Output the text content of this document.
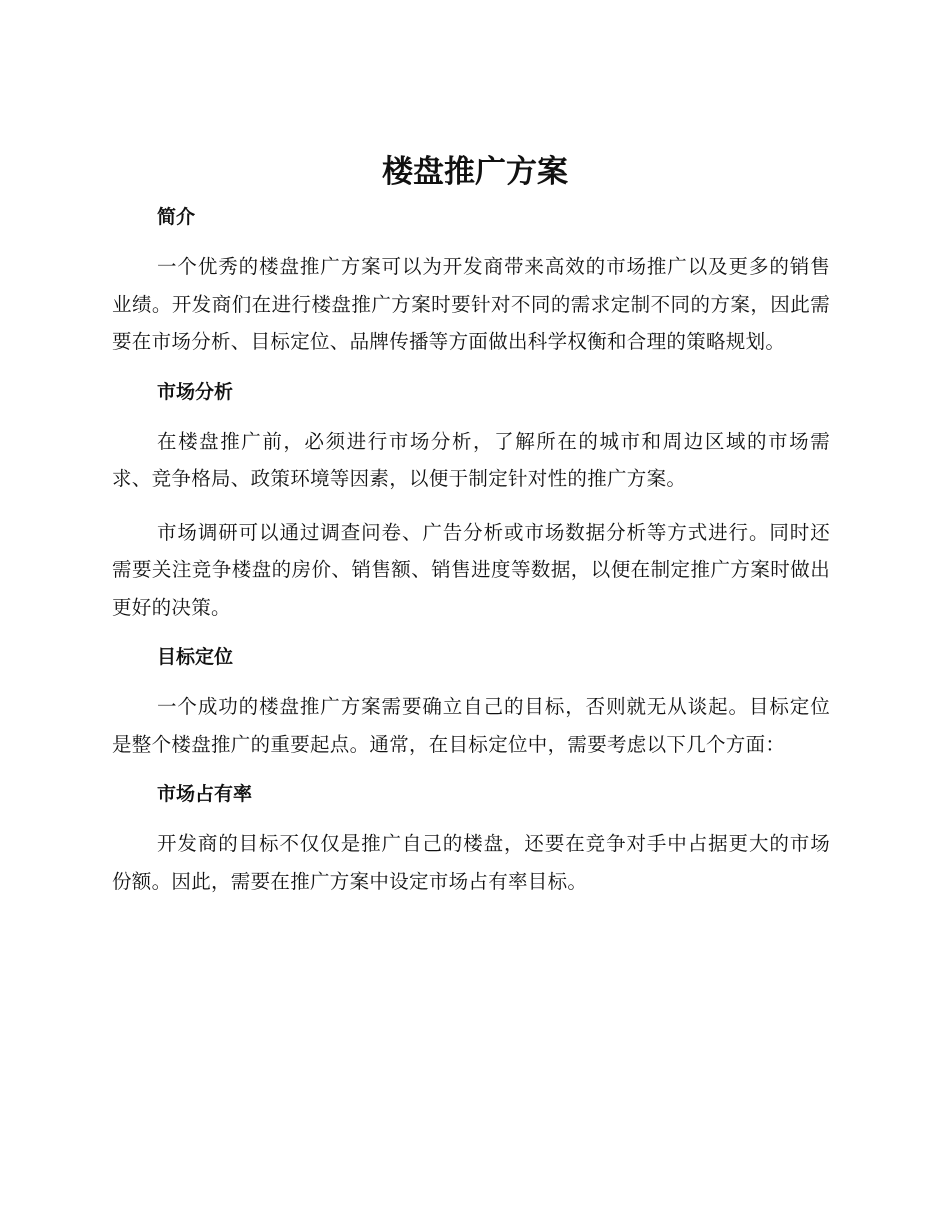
楼盘推广方案
简介

一个优秀的楼盘推广方案可以为开发商带来高效的市场推广以及更多的销售业绩。开发商们在进行楼盘推广方案时要针对不同的需求定制不同的方案，因此需要在市场分析、目标定位、品牌传播等方面做出科学权衡和合理的策略规划。

市场分析

在楼盘推广前，必须进行市场分析，了解所在的城市和周边区域的市场需求、竞争格局、政策环境等因素，以便于制定针对性的推广方案。

市场调研可以通过调查问卷、广告分析或市场数据分析等方式进行。同时还需要关注竞争楼盘的房价、销售额、销售进度等数据，以便在制定推广方案时做出更好的决策。

目标定位

一个成功的楼盘推广方案需要确立自己的目标，否则就无从谈起。目标定位是整个楼盘推广的重要起点。通常，在目标定位中，需要考虑以下几个方面：

市场占有率

开发商的目标不仅仅是推广自己的楼盘，还要在竞争对手中占据更大的市场份额。因此，需要在推广方案中设定市场占有率目标。
